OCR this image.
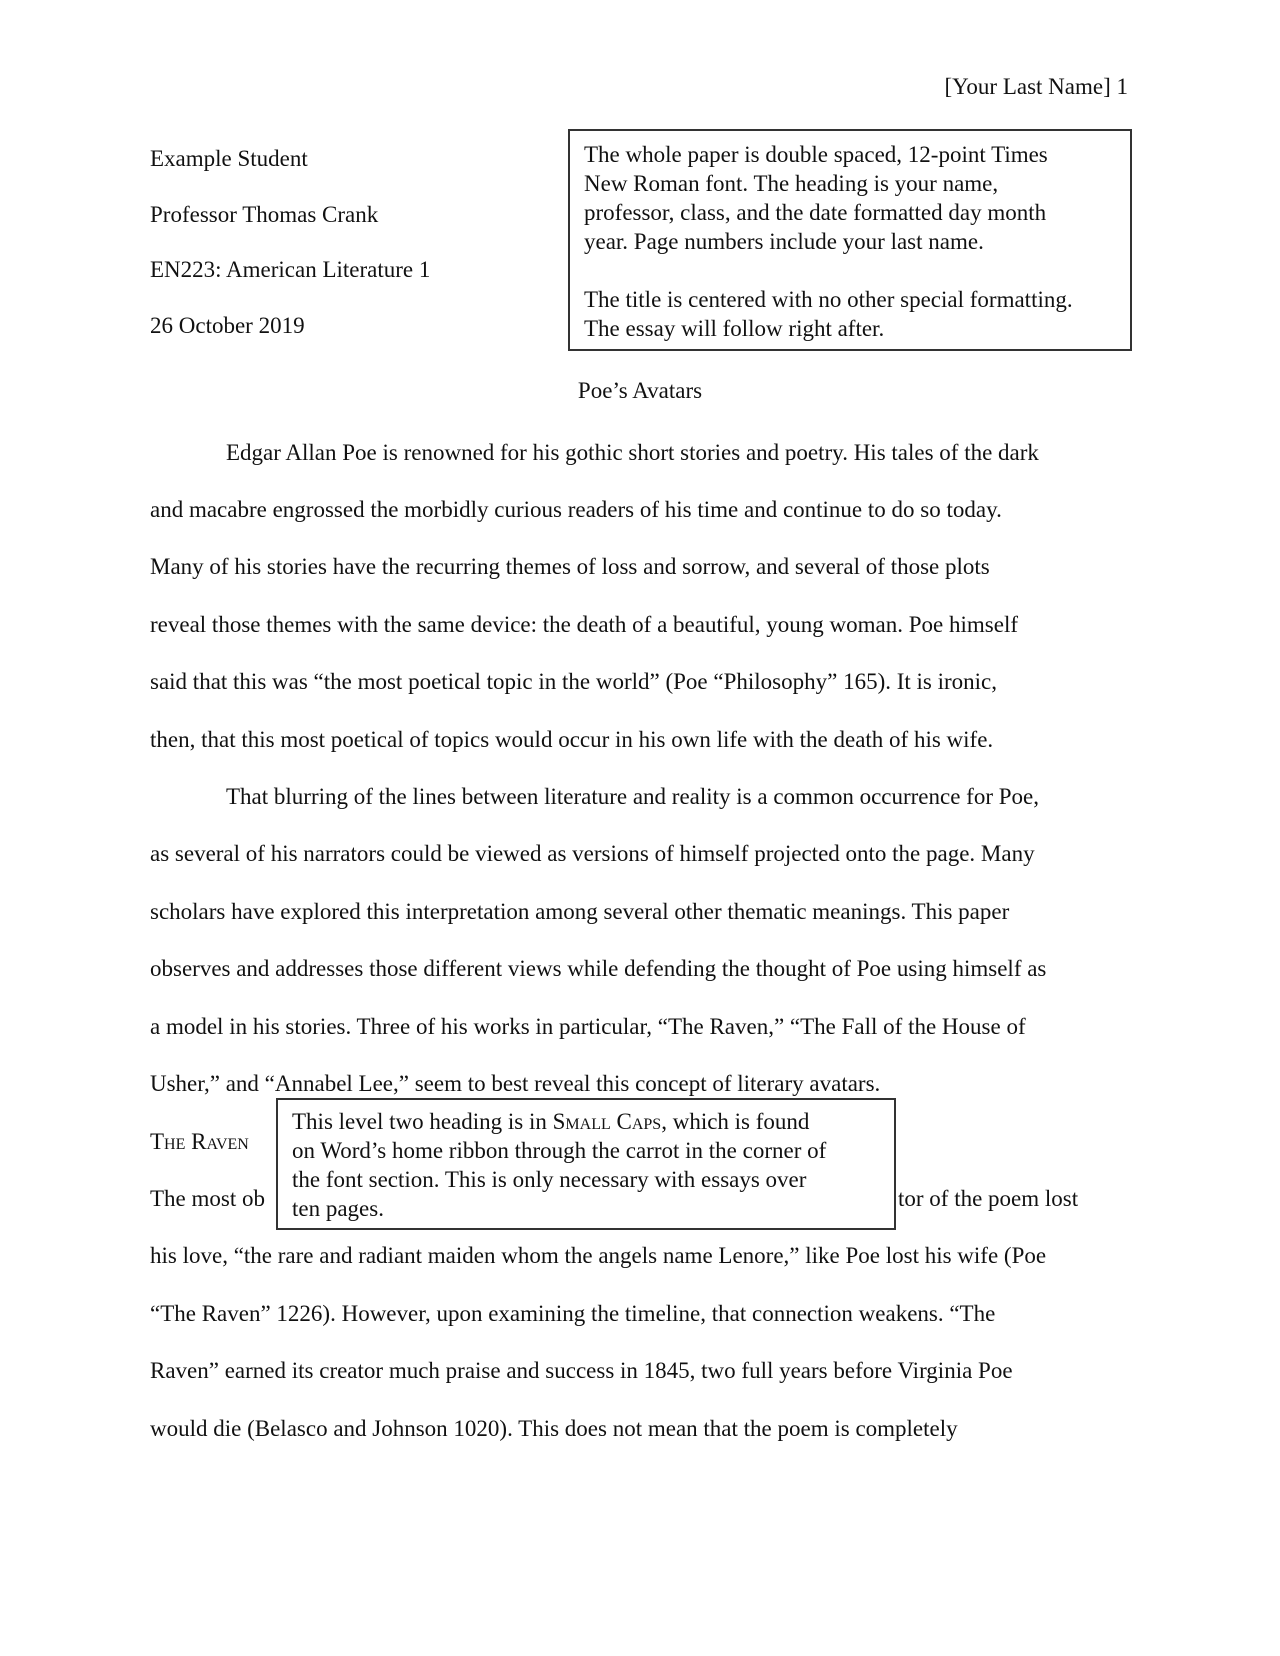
[Your Last Name] 1
Example Student
Professor Thomas Crank
EN223: American Literature 1
26 October 2019

The whole paper is double spaced, 12-point Times

New Roman font. The heading is your name,

professor, class, and the date formatted day month

year. Page numbers include your last name.

The title is centered with no other special formatting.

The essay will follow right after.

Poe’s Avatars
Edgar Allan Poe is renowned for his gothic short stories and poetry. His tales of the dark
and macabre engrossed the morbidly curious readers of his time and continue to do so today.
Many of his stories have the recurring themes of loss and sorrow, and several of those plots
reveal those themes with the same device: the death of a beautiful, young woman. Poe himself
said that this was “the most poetical topic in the world” (Poe “Philosophy” 165). It is ironic,
then, that this most poetical of topics would occur in his own life with the death of his wife.
That blurring of the lines between literature and reality is a common occurrence for Poe,
as several of his narrators could be viewed as versions of himself projected onto the page. Many
scholars have explored this interpretation among several other thematic meanings. This paper
observes and addresses those different views while defending the thought of Poe using himself as
a model in his stories. Three of his works in particular, “The Raven,” “The Fall of the House of
Usher,” and “Annabel Lee,” seem to best reveal this concept of literary avatars.
The Raven
The most ob	tor of the poem lost

This level two heading is in Small Caps, which is found

on Word’s home ribbon through the carrot in the corner of

the font section. This is only necessary with essays over

ten pages.

his love, “the rare and radiant maiden whom the angels name Lenore,” like Poe lost his wife (Poe
“The Raven” 1226). However, upon examining the timeline, that connection weakens. “The
Raven” earned its creator much praise and success in 1845, two full years before Virginia Poe
would die (Belasco and Johnson 1020). This does not mean that the poem is completely
